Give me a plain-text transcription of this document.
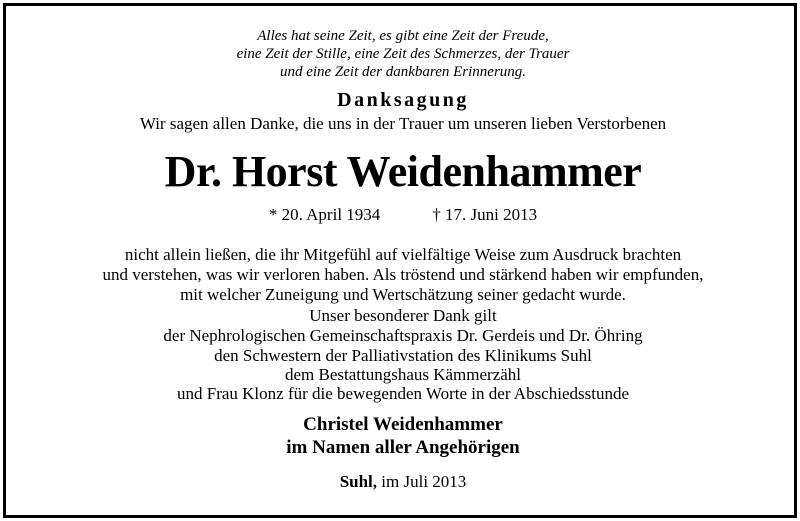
Alles hat seine Zeit, es gibt eine Zeit der Freude,
eine Zeit der Stille, eine Zeit des Schmerzes, der Trauer
und eine Zeit der dankbaren Erinnerung.
Danksagung
Wir sagen allen Danke, die uns in der Trauer um unseren lieben Verstorbenen
Dr. Horst Weidenhammer
* 20. April 1934	† 17. Juni 2013
nicht allein ließen, die ihr Mitgefühl auf vielfältige Weise zum Ausdruck brachten
und verstehen, was wir verloren haben. Als tröstend und stärkend haben wir empfunden,
mit welcher Zuneigung und Wertschätzung seiner gedacht wurde.
Unser besonderer Dank gilt
der Nephrologischen Gemeinschaftspraxis Dr. Gerdeis und Dr. Öhring
den Schwestern der Palliativstation des Klinikums Suhl
dem Bestattungshaus Kämmerzähl
und Frau Klonz für die bewegenden Worte in der Abschiedsstunde
Christel Weidenhammer
im Namen aller Angehörigen
Suhl, im Juli 2013
